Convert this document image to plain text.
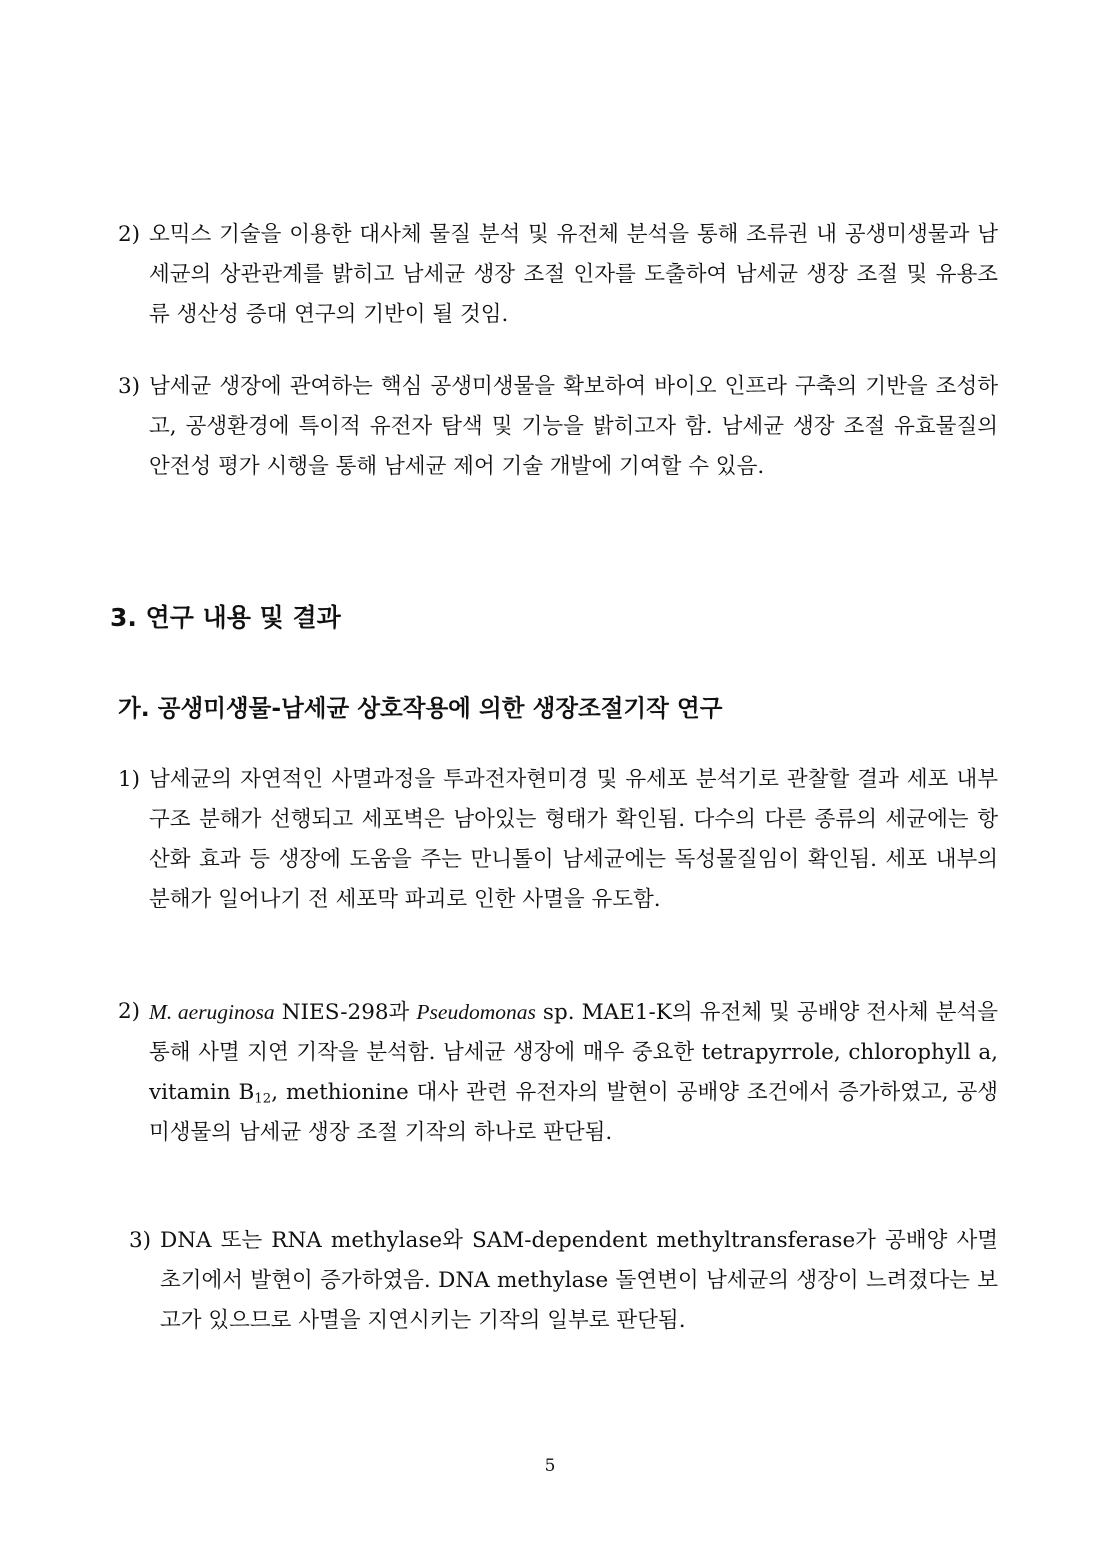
2) 오믹스 기술을 이용한 대사체 물질 분석 및 유전체 분석을 통해 조류권 내 공생미생물과 남세균의 상관관계를 밝히고 남세균 생장 조절 인자를 도출하여 남세균 생장 조절 및 유용조류 생산성 증대 연구의 기반이 될 것임.
3) 남세균 생장에 관여하는 핵심 공생미생물을 확보하여 바이오 인프라 구축의 기반을 조성하고, 공생환경에 특이적 유전자 탐색 및 기능을 밝히고자 함. 남세균 생장 조절 유효물질의 안전성 평가 시행을 통해 남세균 제어 기술 개발에 기여할 수 있음.
3. 연구 내용 및 결과
가. 공생미생물-남세균 상호작용에 의한 생장조절기작 연구
1) 남세균의 자연적인 사멸과정을 투과전자현미경 및 유세포 분석기로 관찰할 결과 세포 내부구조 분해가 선행되고 세포벽은 남아있는 형태가 확인됨. 다수의 다른 종류의 세균에는 항산화 효과 등 생장에 도움을 주는 만니톨이 남세균에는 독성물질임이 확인됨. 세포 내부의 분해가 일어나기 전 세포막 파괴로 인한 사멸을 유도함.
2) M. aeruginosa NIES-298과 Pseudomonas sp. MAE1-K의 유전체 및 공배양 전사체 분석을 통해 사멸 지연 기작을 분석함. 남세균 생장에 매우 중요한 tetrapyrrole, chlorophyll a, vitamin $B_{12}$, methionine 대사 관련 유전자의 발현이 공배양 조건에서 증가하였고, 공생미생물의 남세균 생장 조절 기작의 하나로 판단됨.
3) DNA 또는 RNA methylase와 SAM-dependent methyltransferase가 공배양 사멸초기에서 발현이 증가하였음. DNA methylase 돌연변이 남세균의 생장이 느려졌다는 보고가 있으므로 사멸을 지연시키는 기작의 일부로 판단됨.
5
